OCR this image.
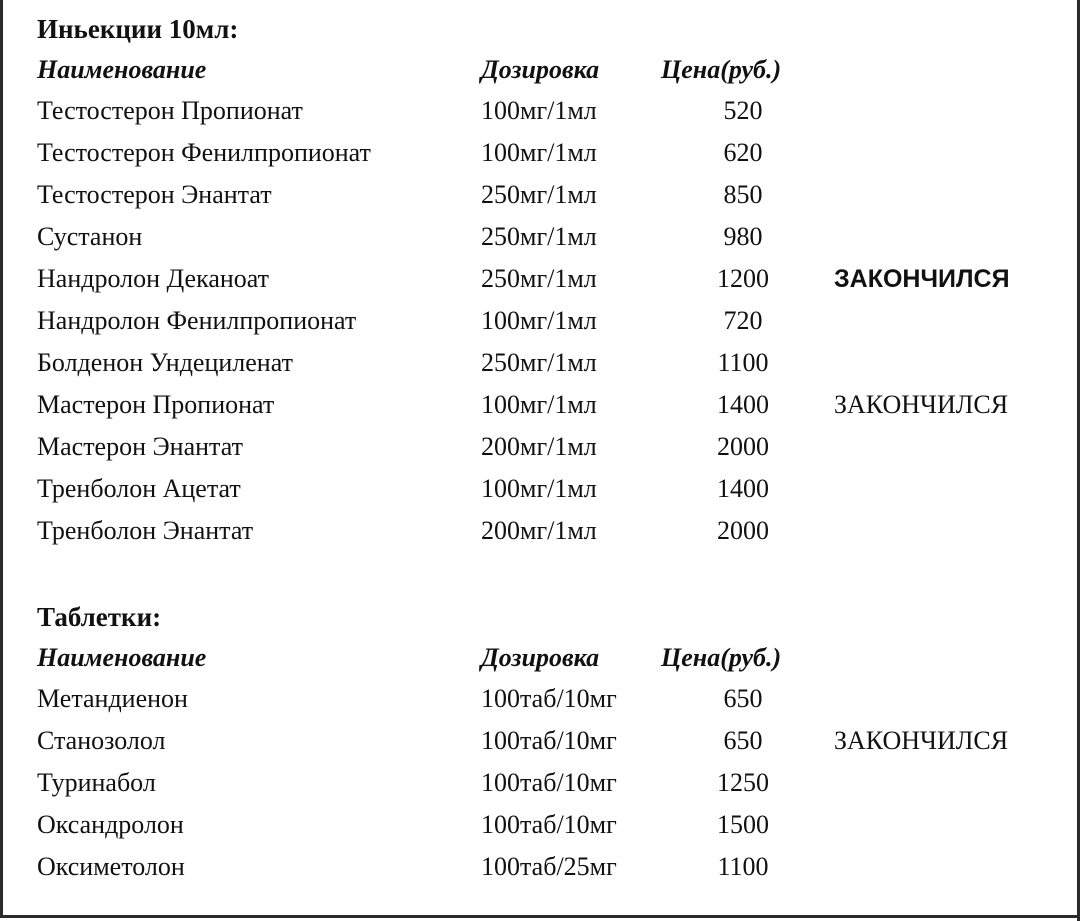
Иньекции 10мл:
Наименование	Дозировка Цена(руб.)
Тестостерон Пропионат	100мг/1мл	520
Тестостерон Фенилпропионат	100мг/1мл	620
Тестостерон Энантат	250мг/1мл	850
Сустанон	250мг/1мл	980
Нандролон Деканоат	250мг/1мл	1200	ЗАКОНЧИЛСЯ
Нандролон Фенилпропионат	100мг/1мл	720
Болденон Ундециленат	250мг/1мл	1100
Мастерон Пропионат	100мг/1мл	1400	ЗАКОНЧИЛСЯ
Мастерон Энантат	200мг/1мл	2000
Тренболон Ацетат	100мг/1мл	1400
Тренболон Энантат	200мг/1мл	2000
Таблетки:
Наименование	Дозировка Цена(руб.)
Метандиенон	100таб/10мг	650
Станозолол	100таб/10мг	650	ЗАКОНЧИЛСЯ
Туринабол	100таб/10мг	1250
Оксандролон	100таб/10мг	1500
Оксиметолон	100таб/25мг	1100
